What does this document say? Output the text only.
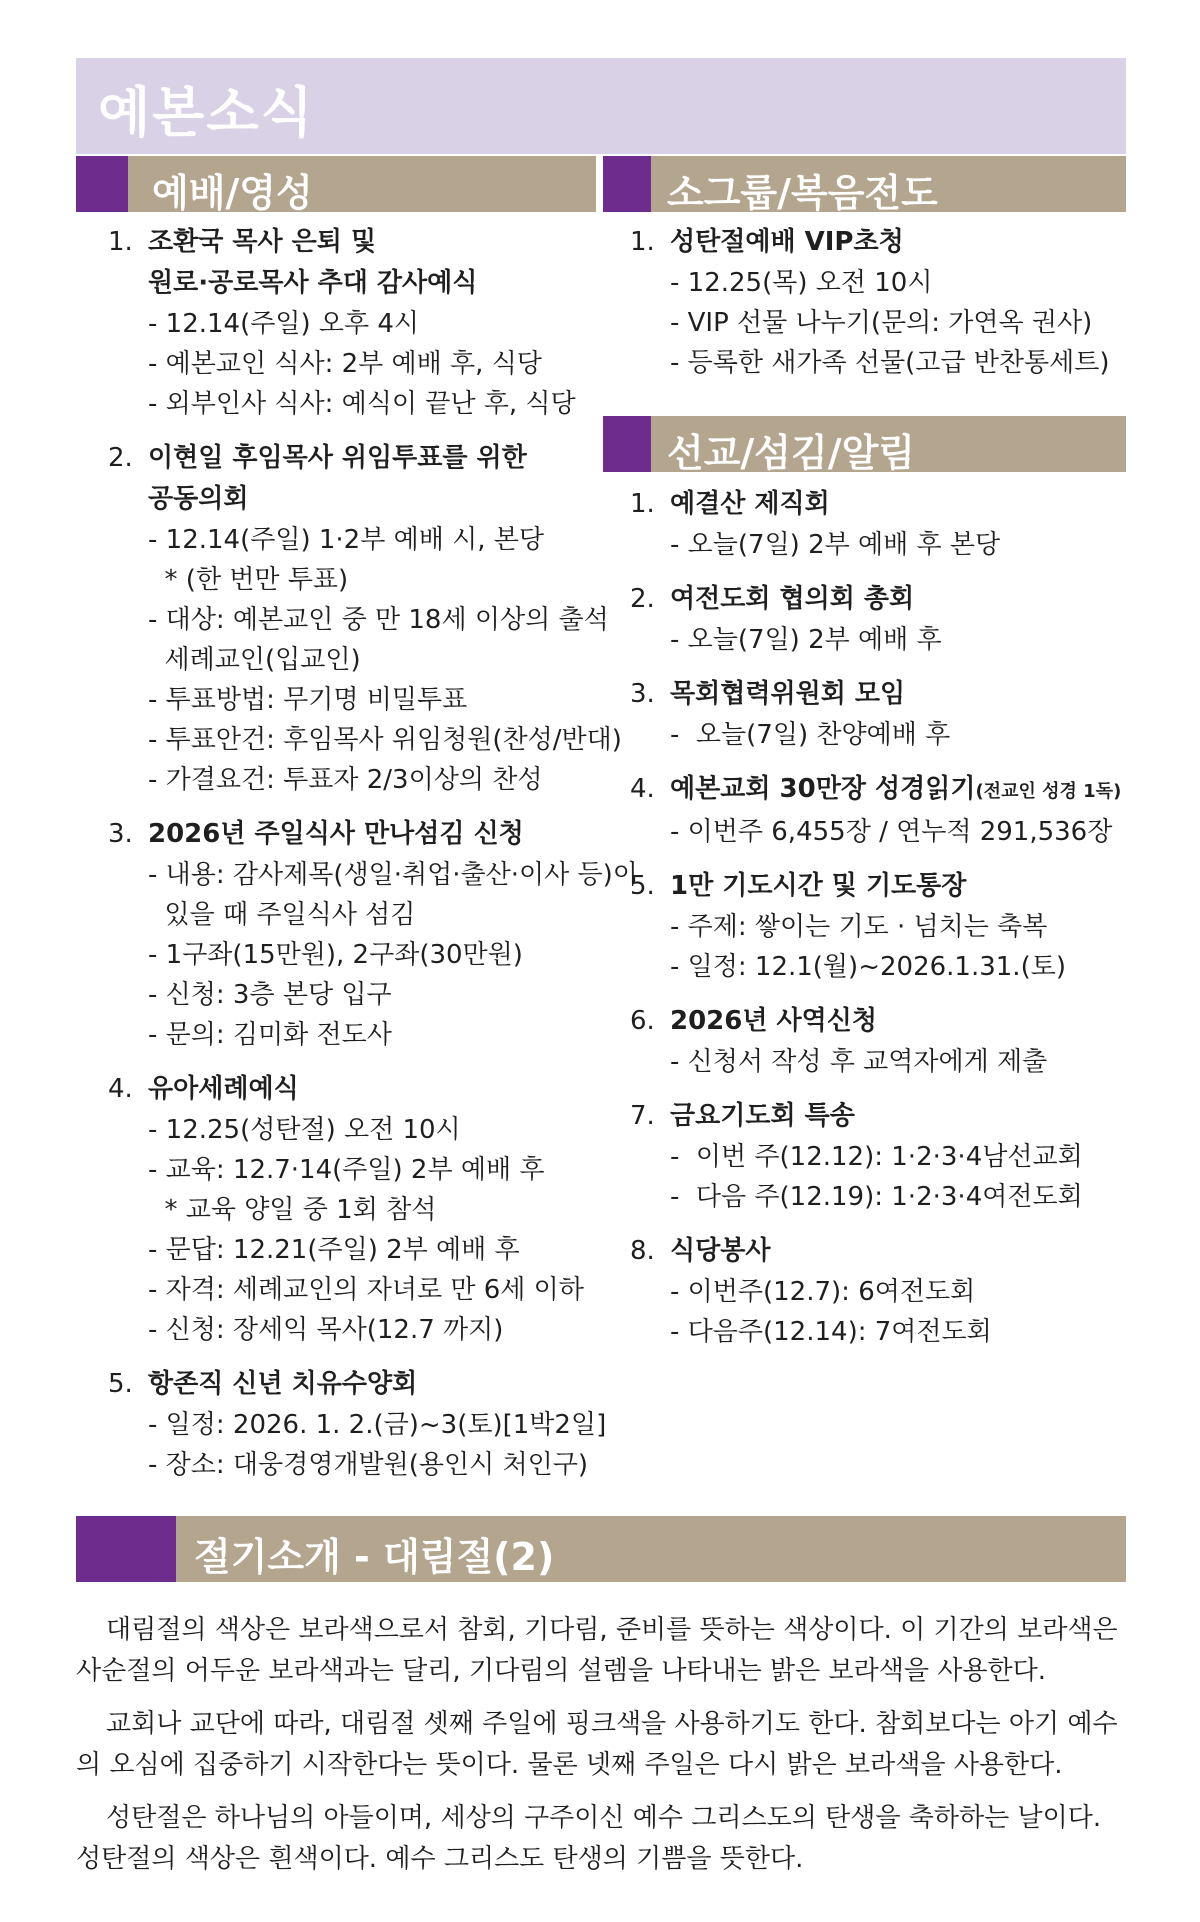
예본소식
예배/영성	소그룹/복음전도
선교/섬김/알림
1. 조환국 목사 은퇴 및
원로·공로목사 추대 감사예식
- 12.14(주일) 오후 4시
- 예본교인 식사: 2부 예배 후, 식당
- 외부인사 식사: 예식이 끝난 후, 식당
2. 이현일 후임목사 위임투표를 위한
공동의회
- 12.14(주일) 1·2부 예배 시, 본당
* (한 번만 투표)
- 대상: 예본교인 중 만 18세 이상의 출석
세례교인(입교인)
- 투표방법: 무기명 비밀투표
- 투표안건: 후임목사 위임청원(찬성/반대)
- 가결요건: 투표자 2/3이상의 찬성
3. 2026년 주일식사 만나섬김 신청
- 내용: 감사제목(생일·취업·출산·이사 등)이
있을 때 주일식사 섬김
- 1구좌(15만원), 2구좌(30만원)
- 신청: 3층 본당 입구
- 문의: 김미화 전도사
4. 유아세례예식
- 12.25(성탄절) 오전 10시
- 교육: 12.7·14(주일) 2부 예배 후
* 교육 양일 중 1회 참석
- 문답: 12.21(주일) 2부 예배 후
- 자격: 세례교인의 자녀로 만 6세 이하
- 신청: 장세익 목사(12.7 까지)
5. 항존직 신년 치유수양회
- 일정: 2026. 1. 2.(금)~3(토)[1박2일]
- 장소: 대웅경영개발원(용인시 처인구)
1. 성탄절예배 VIP초청
- 12.25(목) 오전 10시
- VIP 선물 나누기(문의: 가연옥 권사)
- 등록한 새가족 선물(고급 반찬통세트)
1. 예결산 제직회
- 오늘(7일) 2부 예배 후 본당
2. 여전도회 협의회 총회
- 오늘(7일) 2부 예배 후
3. 목회협력위원회 모임
-  오늘(7일) 찬양예배 후
4. 예본교회 30만장 성경읽기(전교인 성경 1독)
- 이번주 6,455장 / 연누적 291,536장
5. 1만 기도시간 및 기도통장
- 주제: 쌓이는 기도 · 넘치는 축복
- 일정: 12.1(월)~2026.1.31.(토)
6. 2026년 사역신청
- 신청서 작성 후 교역자에게 제출
7. 금요기도회 특송
-  이번 주(12.12): 1·2·3·4남선교회
-  다음 주(12.19): 1·2·3·4여전도회
8. 식당봉사
- 이번주(12.7): 6여전도회
- 다음주(12.14): 7여전도회
절기소개 - 대림절(2)

대림절의 색상은 보라색으로서 참회, 기다림, 준비를 뜻하는 색상이다. 이 기간의 보라색은 사순절의 어두운 보라색과는 달리, 기다림의 설렘을 나타내는 밝은 보라색을 사용한다.

교회나 교단에 따라, 대림절 셋째 주일에 핑크색을 사용하기도 한다. 참회보다는 아기 예수의 오심에 집중하기 시작한다는 뜻이다. 물론 넷째 주일은 다시 밝은 보라색을 사용한다.

성탄절은 하나님의 아들이며, 세상의 구주이신 예수 그리스도의 탄생을 축하하는 날이다. 성탄절의 색상은 흰색이다. 예수 그리스도 탄생의 기쁨을 뜻한다.
